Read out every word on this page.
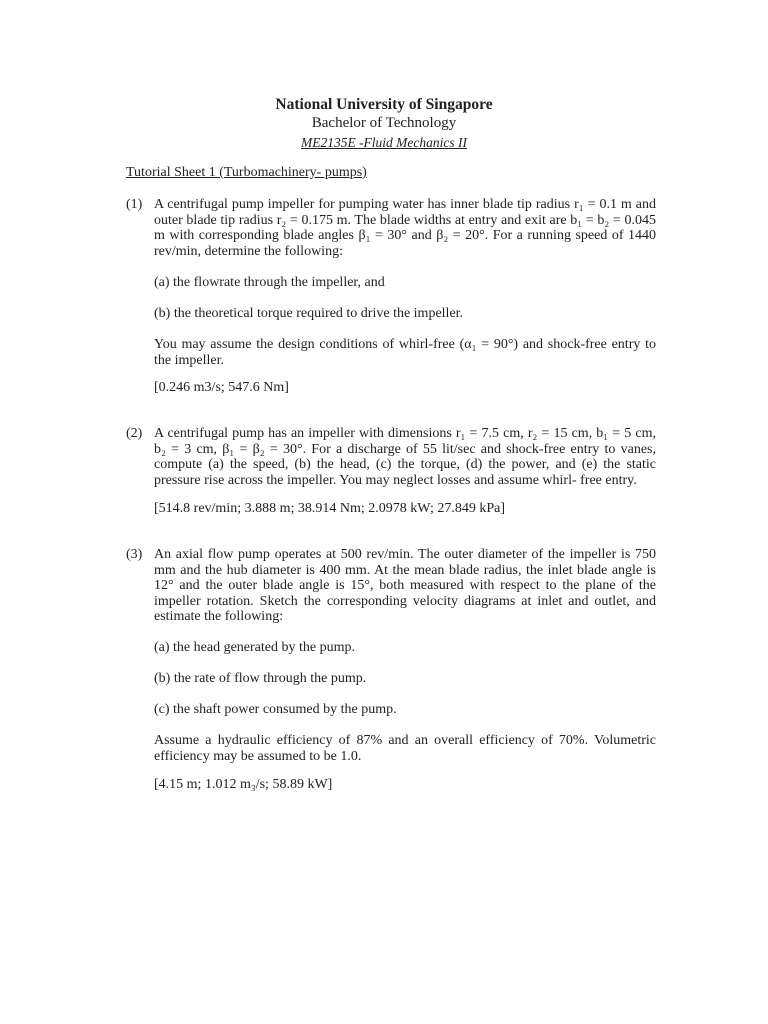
National University of Singapore
Bachelor of Technology
ME2135E -Fluid Mechanics II
Tutorial Sheet 1 (Turbomachinery- pumps)
(1) A centrifugal pump impeller for pumping water has inner blade tip radius r₁ = 0.1 m and outer blade tip radius r₂ = 0.175 m. The blade widths at entry and exit are b₁ = b₂ = 0.045 m with corresponding blade angles β₁ = 30° and β₂ = 20°. For a running speed of 1440 rev/min, determine the following:
(a) the flowrate through the impeller, and
(b) the theoretical torque required to drive the impeller.
You may assume the design conditions of whirl-free (α₁ = 90°) and shock-free entry to the impeller.
[0.246 m3/s; 547.6 Nm]
(2) A centrifugal pump has an impeller with dimensions r₁ = 7.5 cm, r₂ = 15 cm, b₁ = 5 cm, b₂ = 3 cm, β₁ = β₂ = 30°. For a discharge of 55 lit/sec and shock-free entry to vanes, compute (a) the speed, (b) the head, (c) the torque, (d) the power, and (e) the static pressure rise across the impeller. You may neglect losses and assume whirl- free entry.
[514.8 rev/min; 3.888 m; 38.914 Nm; 2.0978 kW; 27.849 kPa]
(3) An axial flow pump operates at 500 rev/min. The outer diameter of the impeller is 750 mm and the hub diameter is 400 mm. At the mean blade radius, the inlet blade angle is 12° and the outer blade angle is 15°, both measured with respect to the plane of the impeller rotation. Sketch the corresponding velocity diagrams at inlet and outlet, and estimate the following:
(a) the head generated by the pump.
(b) the rate of flow through the pump.
(c) the shaft power consumed by the pump.
Assume a hydraulic efficiency of 87% and an overall efficiency of 70%. Volumetric efficiency may be assumed to be 1.0.
[4.15 m; 1.012 m₃/s; 58.89 kW]
